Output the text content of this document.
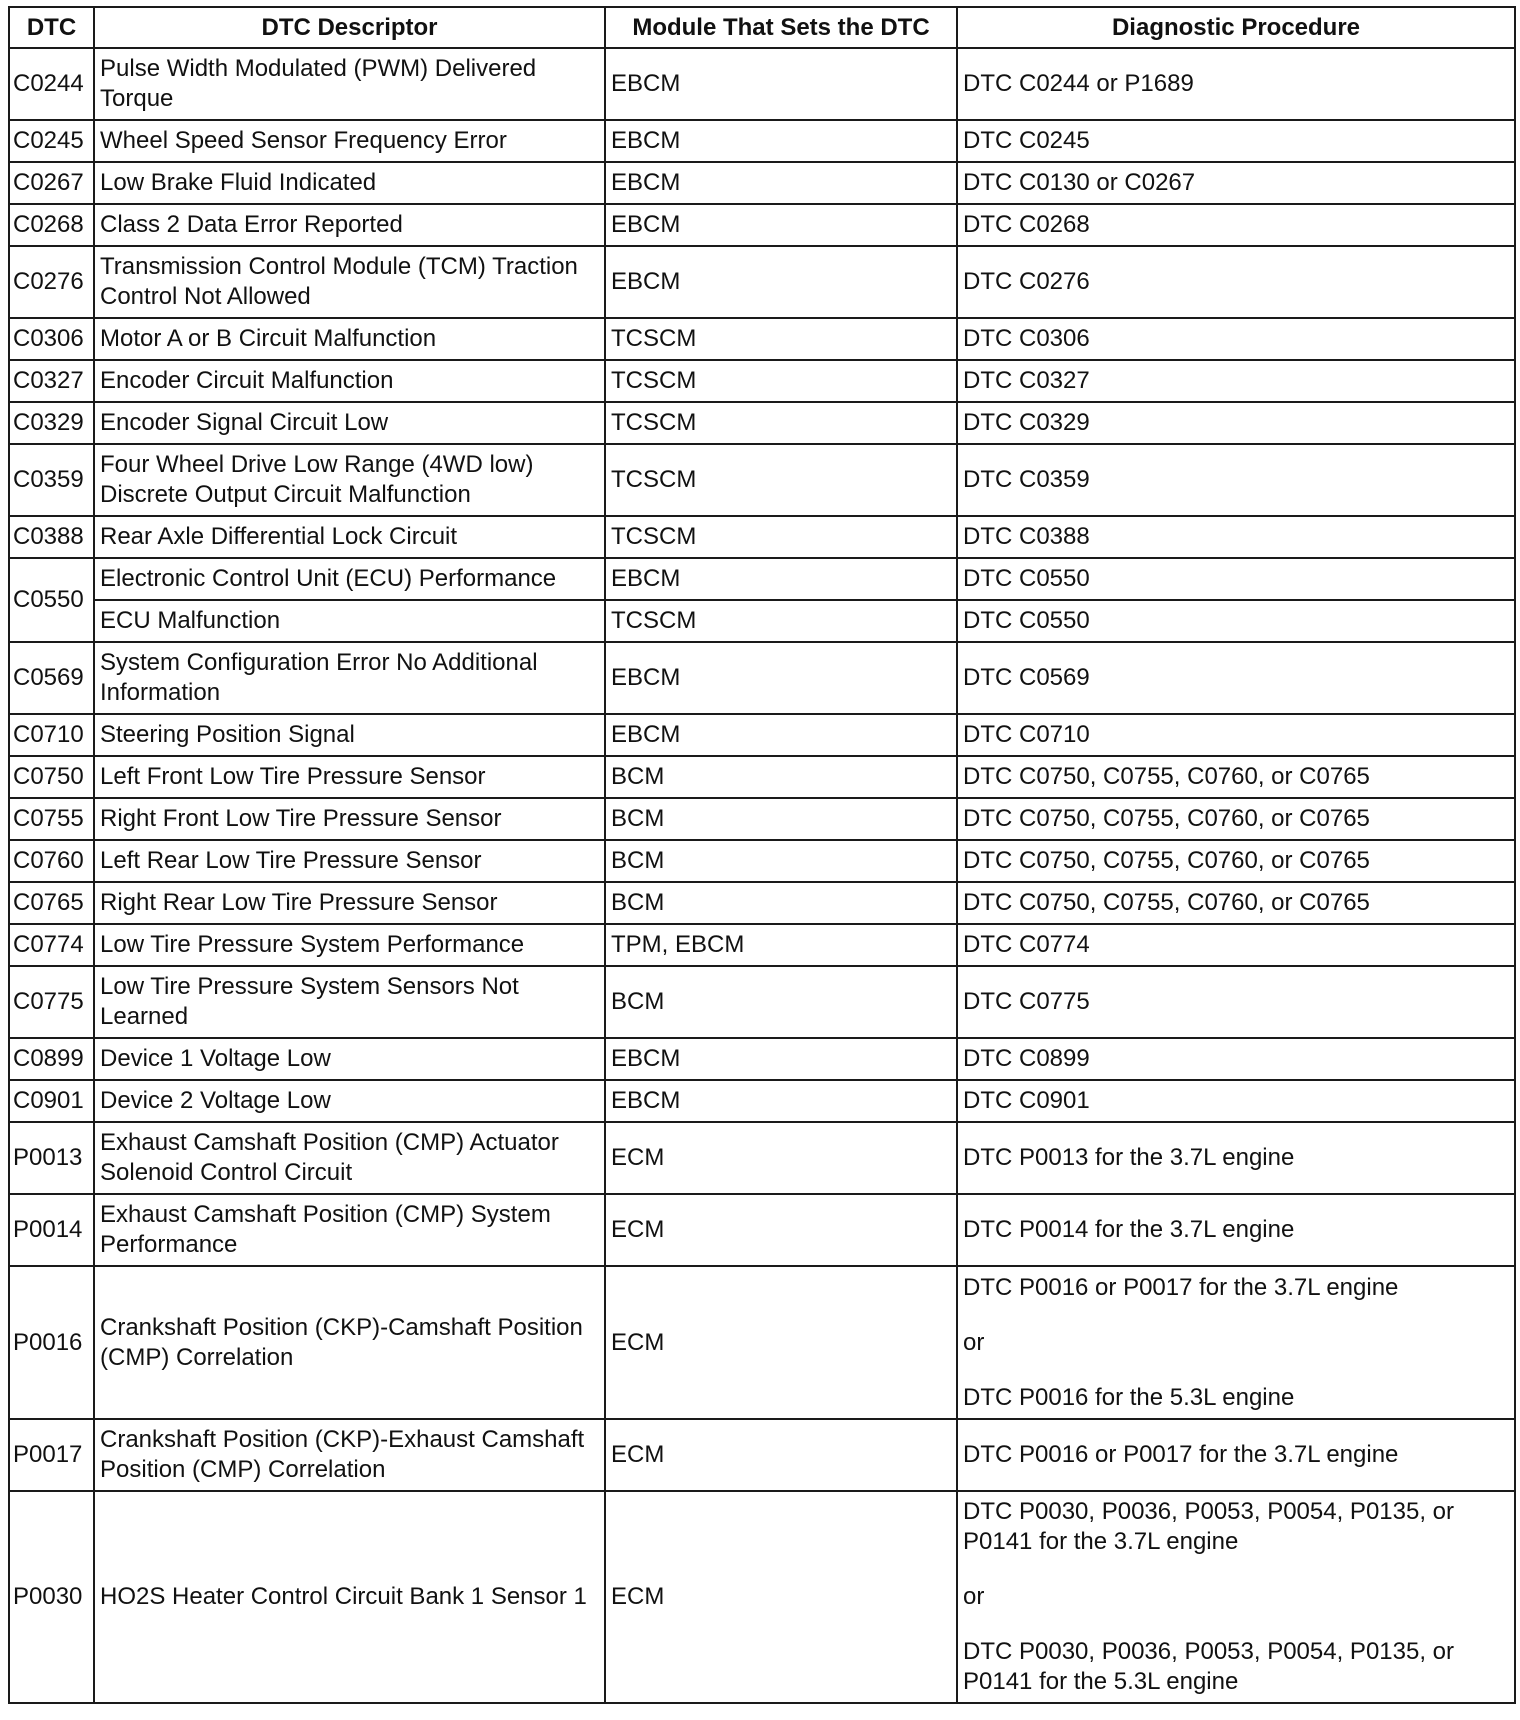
DTC	DTC Descriptor	Module That Sets the DTC	Diagnostic Procedure
C0244	Pulse Width Modulated (PWM) Delivered Torque	EBCM	DTC C0244 or P1689
C0245	Wheel Speed Sensor Frequency Error	EBCM	DTC C0245
C0267	Low Brake Fluid Indicated	EBCM	DTC C0130 or C0267
C0268	Class 2 Data Error Reported	EBCM	DTC C0268
C0276	Transmission Control Module (TCM) Traction Control Not Allowed	EBCM	DTC C0276
C0306	Motor A or B Circuit Malfunction	TCSCM	DTC C0306
C0327	Encoder Circuit Malfunction	TCSCM	DTC C0327
C0329	Encoder Signal Circuit Low	TCSCM	DTC C0329
C0359	Four Wheel Drive Low Range (4WD low) Discrete Output Circuit Malfunction	TCSCM	DTC C0359
C0388	Rear Axle Differential Lock Circuit	TCSCM	DTC C0388
C0550	Electronic Control Unit (ECU) Performance	EBCM	DTC C0550
	ECU Malfunction	TCSCM	DTC C0550
C0569	System Configuration Error No Additional Information	EBCM	DTC C0569
C0710	Steering Position Signal	EBCM	DTC C0710
C0750	Left Front Low Tire Pressure Sensor	BCM	DTC C0750, C0755, C0760, or C0765
C0755	Right Front Low Tire Pressure Sensor	BCM	DTC C0750, C0755, C0760, or C0765
C0760	Left Rear Low Tire Pressure Sensor	BCM	DTC C0750, C0755, C0760, or C0765
C0765	Right Rear Low Tire Pressure Sensor	BCM	DTC C0750, C0755, C0760, or C0765
C0774	Low Tire Pressure System Performance	TPM, EBCM	DTC C0774
C0775	Low Tire Pressure System Sensors Not Learned	BCM	DTC C0775
C0899	Device 1 Voltage Low	EBCM	DTC C0899
C0901	Device 2 Voltage Low	EBCM	DTC C0901
P0013	Exhaust Camshaft Position (CMP) Actuator Solenoid Control Circuit	ECM	DTC P0013 for the 3.7L engine
P0014	Exhaust Camshaft Position (CMP) System Performance	ECM	DTC P0014 for the 3.7L engine
P0016	Crankshaft Position (CKP)-Camshaft Position (CMP) Correlation	ECM	DTC P0016 or P0017 for the 3.7L engine
or
DTC P0016 for the 5.3L engine

P0017	Crankshaft Position (CKP)-Exhaust Camshaft Position (CMP) Correlation	ECM	DTC P0016 or P0017 for the 3.7L engine
P0030	HO2S Heater Control Circuit Bank 1 Sensor 1	ECM	DTC P0030, P0036, P0053, P0054, P0135, or P0141 for the 3.7L engine
or
DTC P0030, P0036, P0053, P0054, P0135, or P0141 for the 5.3L engine
